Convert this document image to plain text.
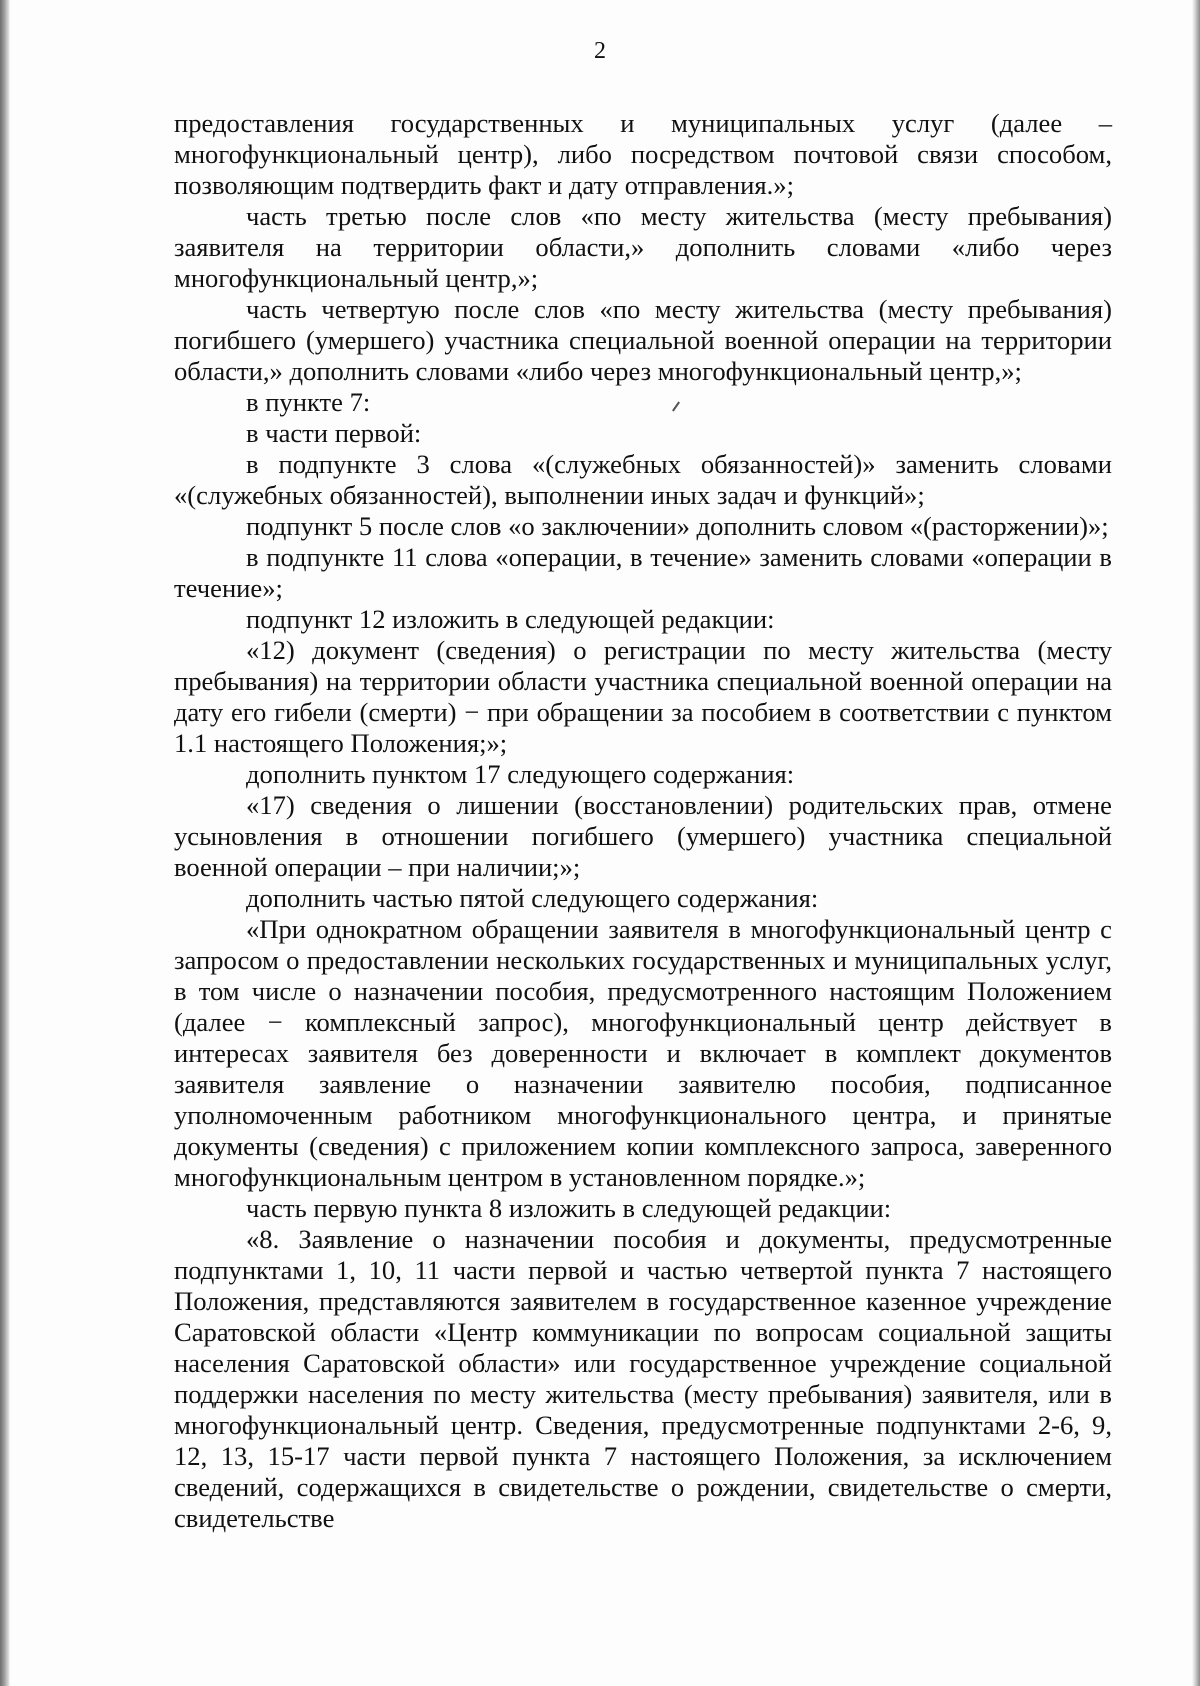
2

предоставления государственных и муниципальных услуг (далее – многофункциональный центр), либо посредством почтовой связи способом, позволяющим подтвердить факт и дату отправления.»;

часть третью после слов «по месту жительства (месту пребывания) заявителя на территории области,» дополнить словами «либо через многофункциональный центр,»;

часть четвертую после слов «по месту жительства (месту пребывания) погибшего (умершего) участника специальной военной операции на территории области,» дополнить словами «либо через многофункциональный центр,»;

в пункте 7:

в части первой:

в подпункте 3 слова «(служебных обязанностей)» заменить словами «(служебных обязанностей), выполнении иных задач и функций»;

подпункт 5 после слов «о заключении» дополнить словом «(расторжении)»;

в подпункте 11 слова «операции, в течение» заменить словами «операции в течение»;

подпункт 12 изложить в следующей редакции:

«12) документ (сведения) о регистрации по месту жительства (месту пребывания) на территории области участника специальной военной операции на дату его гибели (смерти) − при обращении за пособием в соответствии с пунктом 1.1 настоящего Положения;»;

дополнить пунктом 17 следующего содержания:

«17) сведения о лишении (восстановлении) родительских прав, отмене усыновления в отношении погибшего (умершего) участника специальной военной операции – при наличии;»;

дополнить частью пятой следующего содержания:

«При однократном обращении заявителя в многофункциональный центр с запросом о предоставлении нескольких государственных и муниципальных услуг, в том числе о назначении пособия, предусмотренного настоящим Положением (далее − комплексный запрос), многофункциональный центр действует в интересах заявителя без доверенности и включает в комплект документов заявителя заявление о назначении заявителю пособия, подписанное уполномоченным работником многофункционального центра, и принятые документы (сведения) с приложением копии комплексного запроса, заверенного многофункциональным центром в установленном порядке.»;

часть первую пункта 8 изложить в следующей редакции:

«8. Заявление о назначении пособия и документы, предусмотренные подпунктами 1, 10, 11 части первой и частью четвертой пункта 7 настоящего Положения, представляются заявителем в государственное казенное учреждение Саратовской области «Центр коммуникации по вопросам социальной защиты населения Саратовской области» или государственное учреждение социальной поддержки населения по месту жительства (месту пребывания) заявителя, или в многофункциональный центр. Сведения, предусмотренные подпунктами 2-6, 9, 12, 13, 15-17 части первой пункта 7 настоящего Положения, за исключением сведений, содержащихся в свидетельстве о рождении, свидетельстве о смерти, свидетельстве
